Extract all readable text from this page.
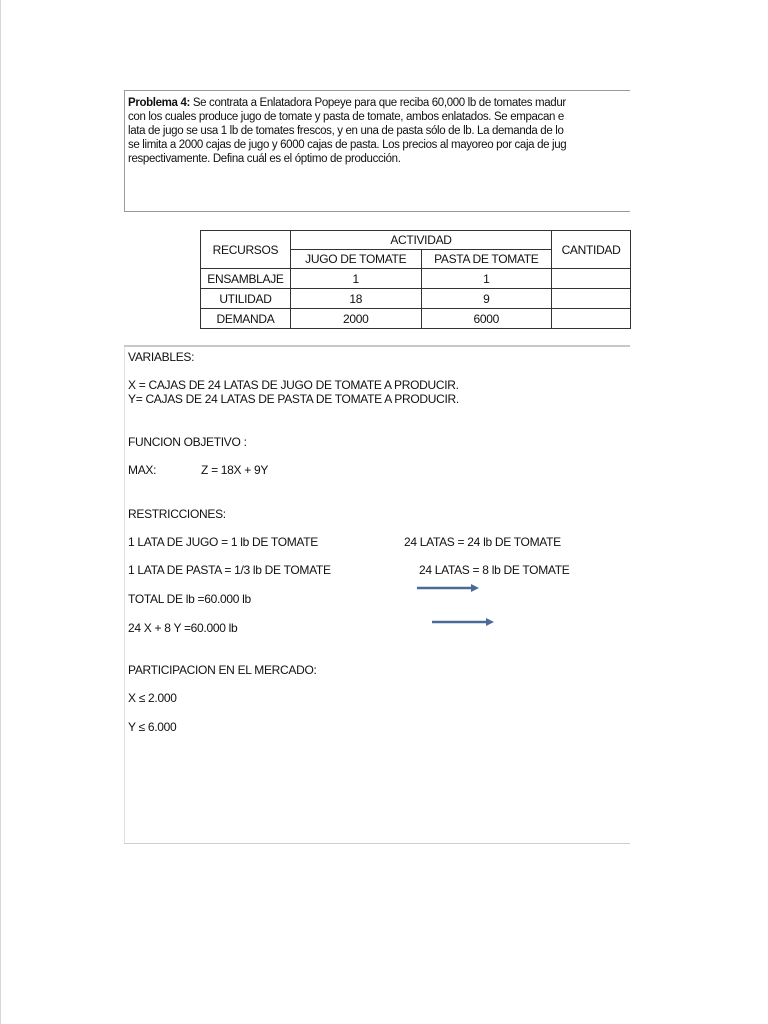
Problema 4: Se contrata a Enlatadora Popeye para que reciba 60,000 lb de tomates madur
con los cuales produce jugo de tomate y pasta de tomate, ambos enlatados. Se empacan e
lata de jugo se usa 1 lb de tomates frescos, y en una de pasta sólo de lb. La demanda de lo
se limita a 2000 cajas de jugo y 6000 cajas de pasta. Los precios al mayoreo por caja de jug
respectivamente. Defina cuál es el óptimo de producción.
RECURSOS	ACTIVIDAD		CANTIDAD
	JUGO DE TOMATE	PASTA DE TOMATE	
ENSAMBLAJE	1	1	
UTILIDAD	18	9	
DEMANDA	2000	6000	
VARIABLES:
X = CAJAS DE 24 LATAS DE JUGO DE TOMATE A PRODUCIR.
Y= CAJAS DE 24 LATAS DE PASTA DE TOMATE A PRODUCIR.
FUNCION OBJETIVO :
MAX:	Z = 18X + 9Y
RESTRICCIONES:
1 LATA DE JUGO = 1 lb DE TOMATE	24 LATAS = 24 lb DE TOMATE
1 LATA DE PASTA = 1/3 lb DE TOMATE	24 LATAS = 8 lb DE TOMATE
TOTAL DE lb =60.000 lb
24 X + 8 Y =60.000 lb
PARTICIPACION EN EL MERCADO:
X ≤ 2.000
Y ≤ 6.000
